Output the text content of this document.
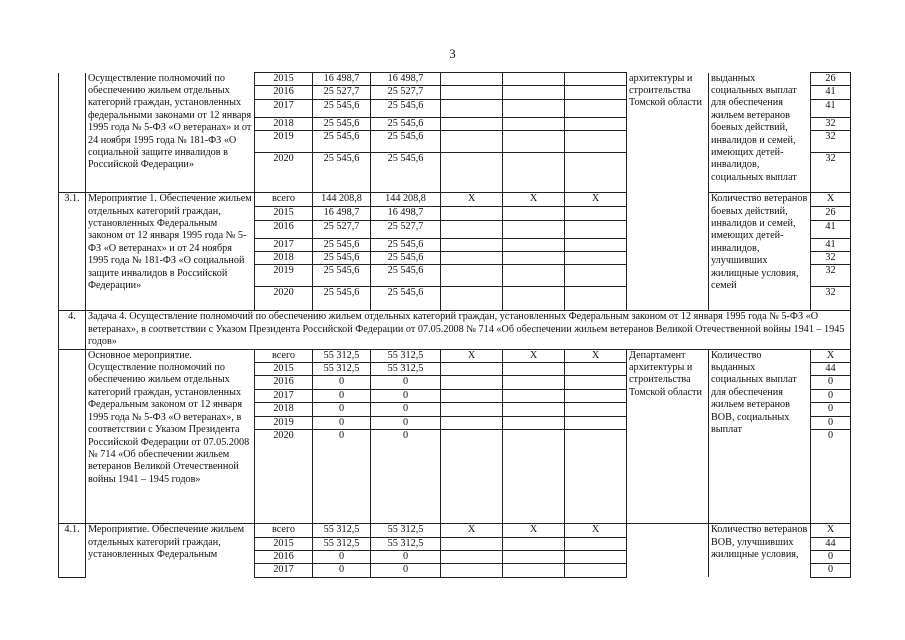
3
	Осуществление полномочий по обеспечению жильем отдельных категорий граждан, установленных федеральными законами от 12 января 1995 года № 5-ФЗ «О ветеранах» и от 24 ноября 1995 года № 181-ФЗ «О социальной защите инвалидов в Российской Федерации»	2015	16 498,7	16 498,7				архитектуры и строительства Томской области	выданных социальных выплат для обеспечения жильем ветеранов боевых действий, инвалидов и семей, имеющих детей-инвалидов, социальных выплат	26
		2016	25 527,7	25 527,7						41
		2017	25 545,6	25 545,6						41
		2018	25 545,6	25 545,6						32
		2019	25 545,6	25 545,6						32
		2020	25 545,6	25 545,6						32
3.1.	Мероприятие 1. Обеспечение жильем отдельных категорий граждан, установленных Федеральным законом от 12 января 1995 года № 5-ФЗ «О ветеранах» и от 24 ноября 1995 года № 181-ФЗ «О социальной защите инвалидов в Российской Федерации»	всего	144 208,8	144 208,8	X	X	X		Количество ветеранов боевых действий, инвалидов и семей, имеющих детей-инвалидов, улучшивших жилищные условия, семей	X
		2015	16 498,7	16 498,7						26
		2016	25 527,7	25 527,7						41
		2017	25 545,6	25 545,6						41
		2018	25 545,6	25 545,6						32
		2019	25 545,6	25 545,6						32
		2020	25 545,6	25 545,6						32
4.	Задача 4. Осуществление полномочий по обеспечению жильем отдельных категорий граждан, установленных Федеральным законом от 12 января 1995 года № 5-ФЗ «О ветеранах», в соответствии с Указом Президента Российской Федерации от 07.05.2008 № 714 «Об обеспечении жильем ветеранов Великой Отечественной войны 1941 – 1945 годов»									
	Основное мероприятие. Осуществление полномочий по обеспечению жильем отдельных категорий граждан, установленных Федеральным законом от 12 января 1995 года № 5-ФЗ «О ветеранах», в соответствии с Указом Президента Российской Федерации от 07.05.2008 № 714 «Об обеспечении жильем ветеранов Великой Отечественной войны 1941 – 1945 годов»	всего	55 312,5	55 312,5	X	X	X	Департамент архитектуры и строительства Томской области	Количество выданных социальных выплат для обеспечения жильем ветеранов ВОВ, социальных выплат	X
		2015	55 312,5	55 312,5						44
		2016	0	0						0
		2017	0	0						0
		2018	0	0						0
		2019	0	0						0
		2020	0	0						0
4.1.	Мероприятие. Обеспечение жильем отдельных категорий граждан, установленных Федеральным	всего	55 312,5	55 312,5	X	X	X		Количество ветеранов ВОВ, улучшивших жилищные условия,	X
		2015	55 312,5	55 312,5						44
		2016	0	0						0
		2017	0	0						0
